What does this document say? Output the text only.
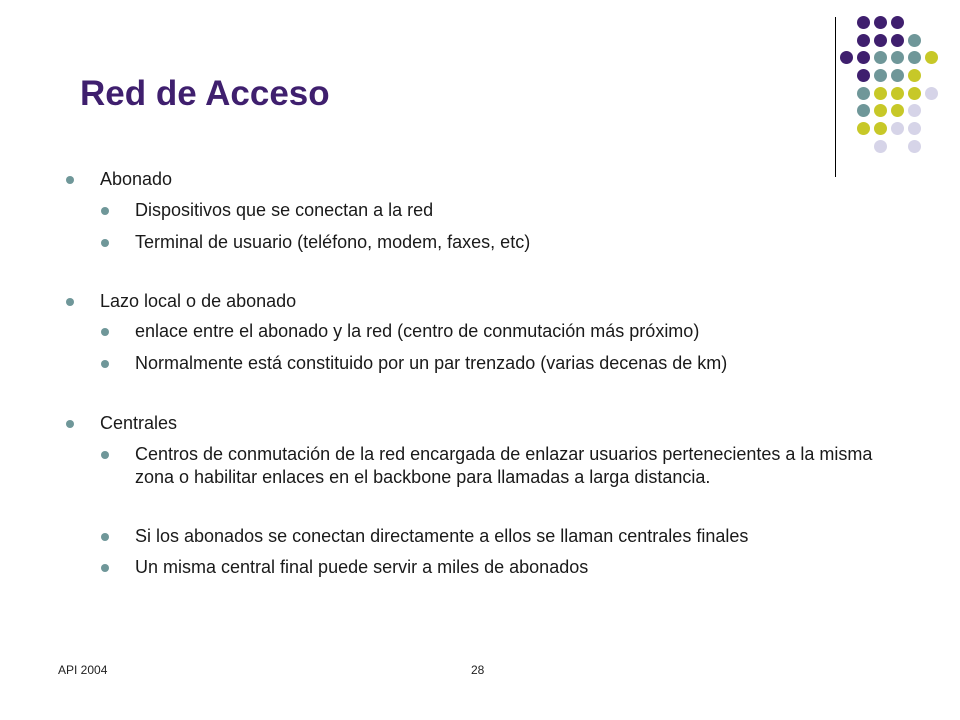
Red de Acceso
Abonado
Dispositivos que se conectan a la red
Terminal de usuario (teléfono, modem, faxes, etc)
Lazo local o de abonado
enlace entre el abonado y la red (centro de conmutación más próximo)
Normalmente está constituido por un par trenzado (varias decenas de km)
Centrales
Centros de conmutación de la red encargada de enlazar usuarios pertenecientes a la misma zona o habilitar enlaces en el backbone para llamadas a larga distancia.
Si los abonados se conectan directamente a ellos se llaman centrales finales
Un misma central final puede servir a miles de abonados
API 2004	28
